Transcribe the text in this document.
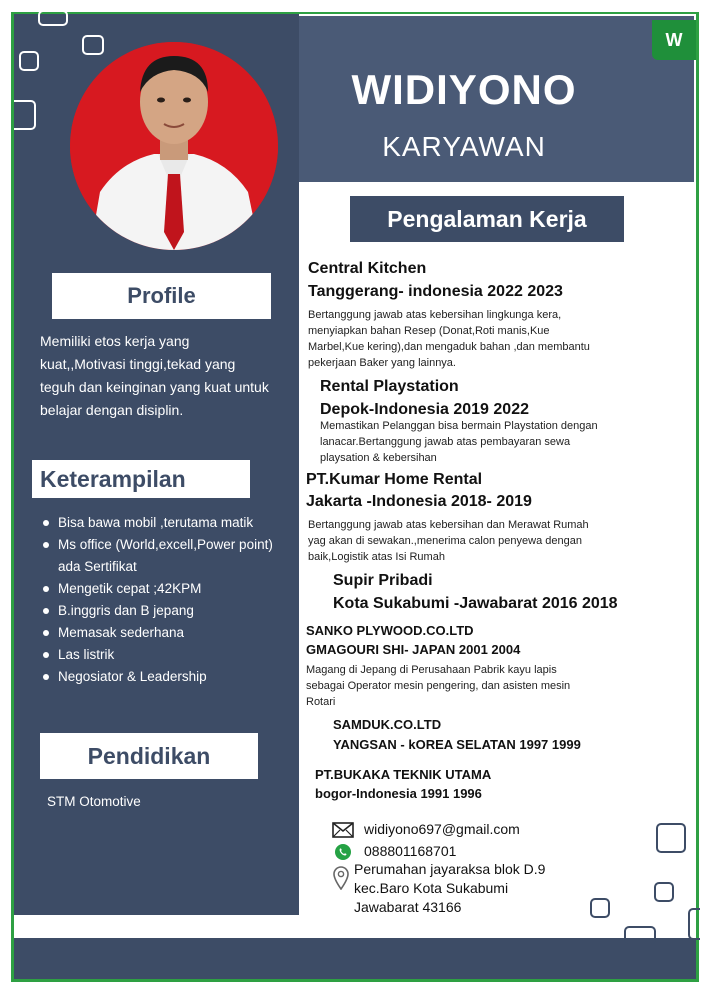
W
WIDIYONO
KARYAWAN
Profile
Memiliki etos kerja yang kuat,,Motivasi tinggi,tekad yang teguh dan keinginan yang kuat untuk belajar dengan disiplin.
Keterampilan
Bisa bawa mobil ,terutama matik
Ms office (World,excell,Power point) ada Sertifikat
Mengetik cepat ;42KPM
B.inggris dan B jepang
Memasak sederhana
Las listrik
Negosiator & Leadership
Pendidikan
STM Otomotive
Pengalaman Kerja
Central Kitchen
Tanggerang- indonesia 2022 2023
Bertanggung jawab atas kebersihan lingkunga kera, menyiapkan bahan Resep (Donat,Roti manis,Kue Marbel,Kue kering),dan mengaduk bahan ,dan membantu pekerjaan Baker yang lainnya.
Rental Playstation
Depok-Indonesia 2019 2022
Memastikan Pelanggan bisa bermain Playstation dengan lanacar.Bertanggung jawab atas pembayaran sewa playsation & kebersihan
PT.Kumar Home Rental
Jakarta -Indonesia 2018- 2019
Bertanggung jawab atas kebersihan dan Merawat Rumah yag akan di sewakan.,menerima calon penyewa dengan baik,Logistik atas Isi Rumah
Supir Pribadi
Kota Sukabumi -Jawabarat 2016 2018
SANKO PLYWOOD.CO.LTD
GMAGOURI SHI- JAPAN 2001 2004
Magang di Jepang di Perusahaan Pabrik kayu lapis sebagai Operator mesin pengering, dan asisten mesin Rotari
SAMDUK.CO.LTD
YANGSAN - kOREA SELATAN 1997 1999
PT.BUKAKA TEKNIK UTAMA
bogor-Indonesia 1991 1996
widiyono697@gmail.com
088801168701
Perumahan jayaraksa blok D.9
kec.Baro Kota Sukabumi
Jawabarat 43166
